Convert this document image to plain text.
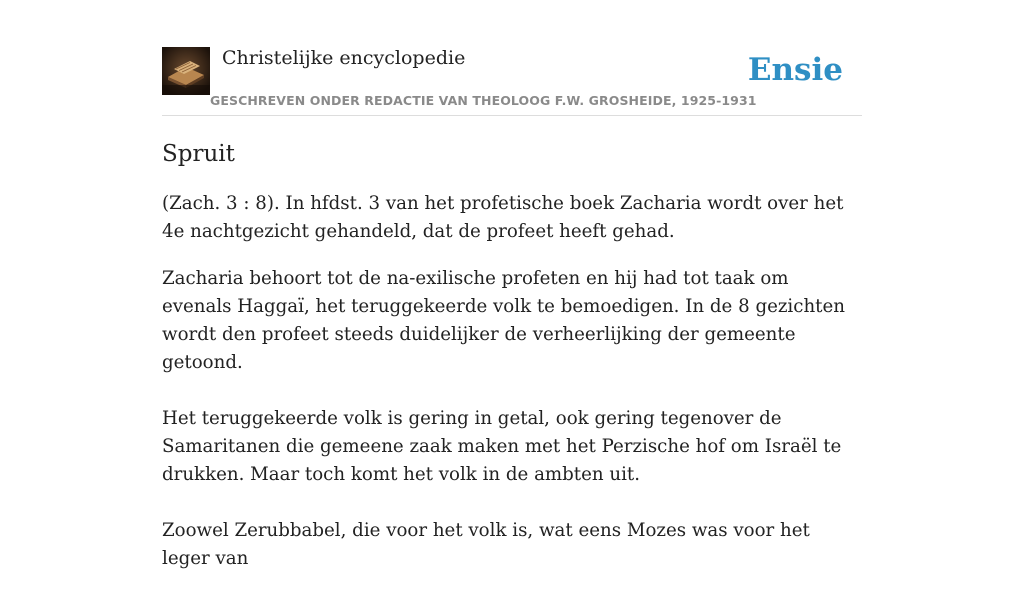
Christelijke encyclopedie
GESCHREVEN ONDER REDACTIE VAN THEOLOOG F.W. GROSHEIDE, 1925-1931
Ensie
Spruit

(Zach. 3 : 8). In hfdst. 3 van het profetische boek Zacharia wordt over het 4e nachtgezicht gehandeld, dat de profeet heeft gehad.

Zacharia behoort tot de na-exilische profeten en hij had tot taak om evenals Haggaï, het teruggekeerde volk te bemoedigen. In de 8 gezichten wordt den profeet steeds duidelijker de verheerlijking der gemeente getoond.

Het teruggekeerde volk is gering in getal, ook gering tegenover de Samaritanen die gemeene zaak maken met het Perzische hof om Israël te drukken. Maar toch komt het volk in de ambten uit.

Zoowel Zerubbabel, die voor het volk is, wat eens Mozes was voor het leger van
